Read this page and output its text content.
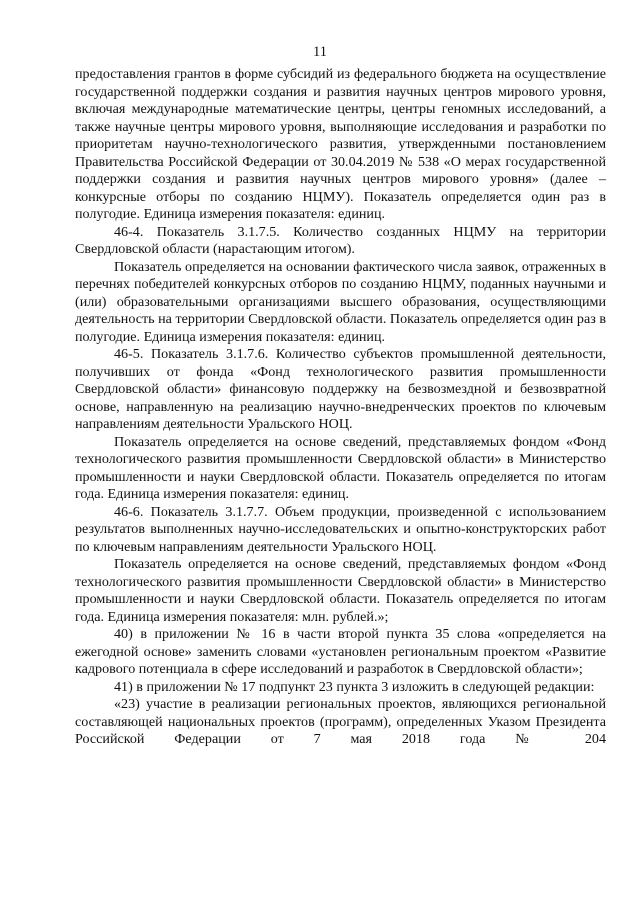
11

предоставления грантов в форме субсидий из федерального бюджета на осуществление государственной поддержки создания и развития научных центров мирового уровня, включая международные математические центры, центры геномных исследований, а также научные центры мирового уровня, выполняющие исследования и разработки по приоритетам научно-технологического развития, утвержденными постановлением Правительства Российской Федерации от 30.04.2019 № 538 «О мерах государственной поддержки создания и развития научных центров мирового уровня» (далее – конкурсные отборы по созданию НЦМУ). Показатель определяется один раз в полугодие. Единица измерения показателя: единиц.

46-4. Показатель 3.1.7.5. Количество созданных НЦМУ на территории Свердловской области (нарастающим итогом).

Показатель определяется на основании фактического числа заявок, отраженных в перечнях победителей конкурсных отборов по созданию НЦМУ, поданных научными и (или) образовательными организациями высшего образования, осуществляющими деятельность на территории Свердловской области. Показатель определяется один раз в полугодие. Единица измерения показателя: единиц.

46-5. Показатель 3.1.7.6. Количество субъектов промышленной деятельности, получивших от фонда «Фонд технологического развития промышленности Свердловской области» финансовую поддержку на безвозмездной и безвозвратной основе, направленную на реализацию научно-внедренческих проектов по ключевым направлениям деятельности Уральского НОЦ.

Показатель определяется на основе сведений, представляемых фондом «Фонд технологического развития промышленности Свердловской области» в Министерство промышленности и науки Свердловской области. Показатель определяется по итогам года. Единица измерения показателя: единиц.

46-6. Показатель 3.1.7.7. Объем продукции, произведенной с использованием результатов выполненных научно-исследовательских и опытно-конструкторских работ по ключевым направлениям деятельности Уральского НОЦ.

Показатель определяется на основе сведений, представляемых фондом «Фонд технологического развития промышленности Свердловской области» в Министерство промышленности и науки Свердловской области. Показатель определяется по итогам года. Единица измерения показателя: млн. рублей.»;

40) в приложении № 16 в части второй пункта 35 слова «определяется на ежегодной основе» заменить словами «установлен региональным проектом «Развитие кадрового потенциала в сфере исследований и разработок в Свердловской области»;

41) в приложении № 17 подпункт 23 пункта 3 изложить в следующей редакции:

«23) участие в реализации региональных проектов, являющихся региональной составляющей национальных проектов (программ), определенных Указом Президента Российской Федерации от 7 мая 2018 года № 204
